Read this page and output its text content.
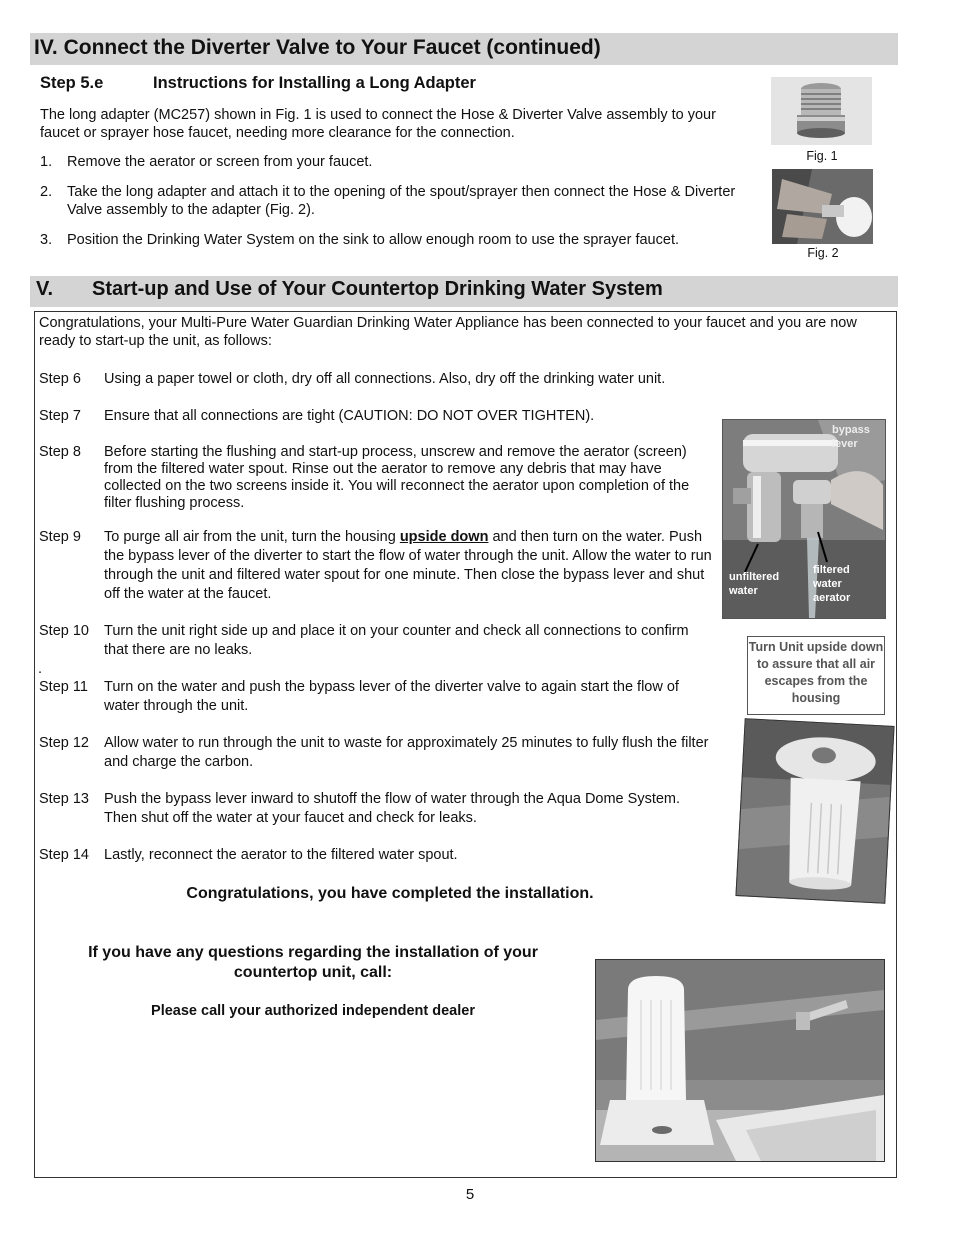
IV. Connect the Diverter Valve to Your Faucet (continued)
Step 5.e	Instructions for Installing a Long Adapter
The long adapter (MC257) shown in Fig. 1 is used to connect the Hose & Diverter Valve assembly to your faucet or sprayer hose faucet, needing more clearance for the connection.
1. Remove the aerator or screen from your faucet.
2. Take the long adapter and attach it to the opening of the spout/sprayer then connect the Hose & Diverter Valve assembly to the adapter (Fig. 2).
3. Position the Drinking Water System on the sink to allow enough room to use the sprayer faucet.
Fig. 1
Fig. 2
V. Start-up and Use of Your Countertop Drinking Water System
Congratulations, your Multi-Pure Water Guardian Drinking Water Appliance has been connected to your faucet and you are now ready to start-up the unit, as follows:
Step 6 Using a paper towel or cloth, dry off all connections. Also, dry off the drinking water unit.
Step 7 Ensure that all connections are tight (CAUTION: DO NOT OVER TIGHTEN).
Step 8 Before starting the flushing and start-up process, unscrew and remove the aerator (screen) from the filtered water spout. Rinse out the aerator to remove any debris that may have collected on the two screens inside it. You will reconnect the aerator upon completion of the filter flushing process.
Step 9 To purge all air from the unit, turn the housing upside down and then turn on the water. Push the bypass lever of the diverter to start the flow of water through the unit. Allow the water to run through the unit and filtered water spout for one minute. Then close the bypass lever and shut off the water at the faucet.
Step 10 Turn the unit right side up and place it on your counter and check all connections to confirm that there are no leaks.
.
Step 11 Turn on the water and push the bypass lever of the diverter valve to again start the flow of water through the unit.
Step 12 Allow water to run through the unit to waste for approximately 25 minutes to fully flush the filter and charge the carbon.
Step 13 Push the bypass lever inward to shutoff the flow of water through the Aqua Dome System. Then shut off the water at your faucet and check for leaks.
Step 14 Lastly, reconnect the aerator to the filtered water spout.
bypass lever
unfiltered water
filtered water aerator
Turn Unit upside down to assure that all air escapes from the housing
Congratulations, you have completed the installation.
If you have any questions regarding the installation of your countertop unit, call:
Please call your authorized independent dealer
5
